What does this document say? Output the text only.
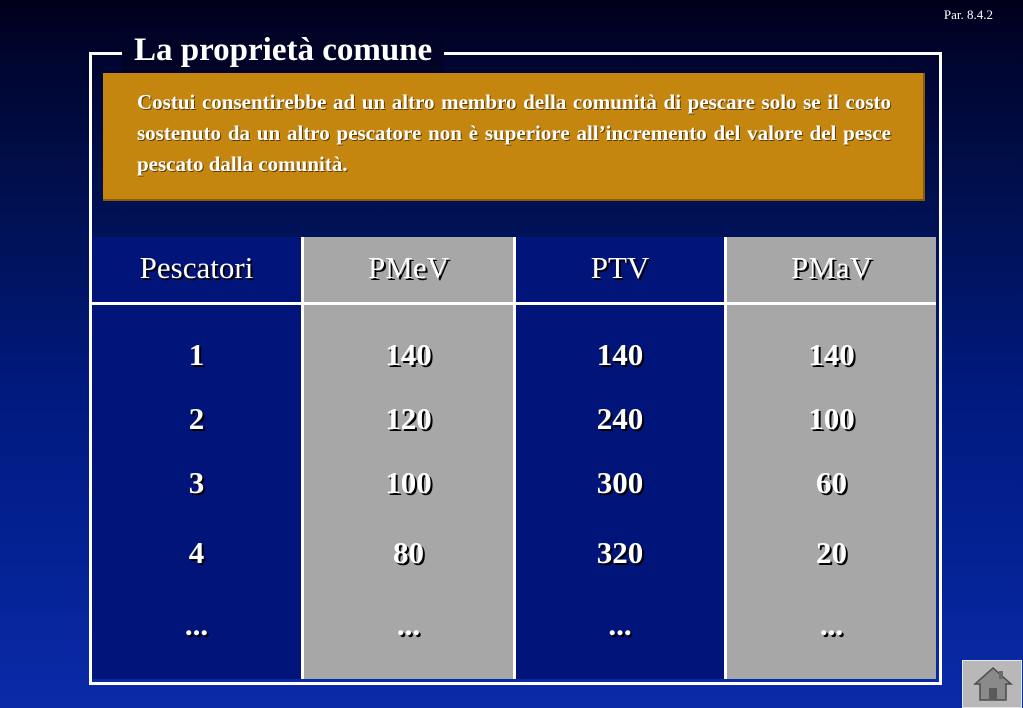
Par. 8.4.2
La proprietà comune
Costui consentirebbe ad un altro membro della comunità di pescare solo se il costo sostenuto da un altro pescatore non è superiore all’incremento del valore del pesce pescato dalla comunità.
Pescatori
1
2
3
4
...
PMeV
140
120
100
80
...
PTV
140
240
300
320
...
PMaV
140
100
60
20
...
